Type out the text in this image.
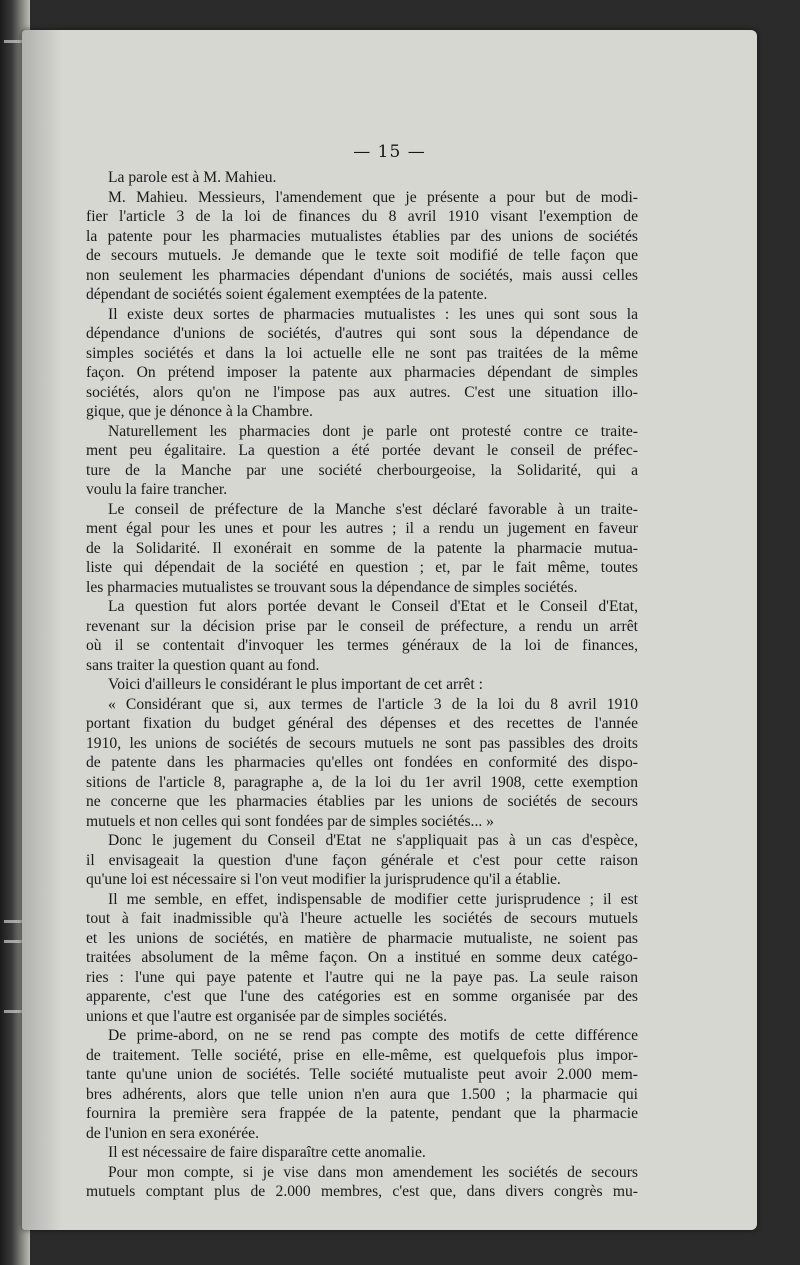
— 15 —
La parole est à M. Mahieu.
M. Mahieu. Messieurs, l'amendement que je présente a pour but de modi-
fier l'article 3 de la loi de finances du 8 avril 1910 visant l'exemption de
la patente pour les pharmacies mutualistes établies par des unions de sociétés
de secours mutuels. Je demande que le texte soit modifié de telle façon que
non seulement les pharmacies dépendant d'unions de sociétés, mais aussi celles
dépendant de sociétés soient également exemptées de la patente.
Il existe deux sortes de pharmacies mutualistes : les unes qui sont sous la
dépendance d'unions de sociétés, d'autres qui sont sous la dépendance de
simples sociétés et dans la loi actuelle elle ne sont pas traitées de la même
façon. On prétend imposer la patente aux pharmacies dépendant de simples
sociétés, alors qu'on ne l'impose pas aux autres. C'est une situation illo-
gique, que je dénonce à la Chambre.
Naturellement les pharmacies dont je parle ont protesté contre ce traite-
ment peu égalitaire. La question a été portée devant le conseil de préfec-
ture de la Manche par une société cherbourgeoise, la Solidarité, qui a
voulu la faire trancher.
Le conseil de préfecture de la Manche s'est déclaré favorable à un traite-
ment égal pour les unes et pour les autres ; il a rendu un jugement en faveur
de la Solidarité. Il exonérait en somme de la patente la pharmacie mutua-
liste qui dépendait de la société en question ; et, par le fait même, toutes
les pharmacies mutualistes se trouvant sous la dépendance de simples sociétés.
La question fut alors portée devant le Conseil d'Etat et le Conseil d'Etat,
revenant sur la décision prise par le conseil de préfecture, a rendu un arrêt
où il se contentait d'invoquer les termes généraux de la loi de finances,
sans traiter la question quant au fond.
Voici d'ailleurs le considérant le plus important de cet arrêt :
« Considérant que si, aux termes de l'article 3 de la loi du 8 avril 1910
portant fixation du budget général des dépenses et des recettes de l'année
1910, les unions de sociétés de secours mutuels ne sont pas passibles des droits
de patente dans les pharmacies qu'elles ont fondées en conformité des dispo-
sitions de l'article 8, paragraphe a, de la loi du 1er avril 1908, cette exemption
ne concerne que les pharmacies établies par les unions de sociétés de secours
mutuels et non celles qui sont fondées par de simples sociétés... »
Donc le jugement du Conseil d'Etat ne s'appliquait pas à un cas d'espèce,
il envisageait la question d'une façon générale et c'est pour cette raison
qu'une loi est nécessaire si l'on veut modifier la jurisprudence qu'il a établie.
Il me semble, en effet, indispensable de modifier cette jurisprudence ; il est
tout à fait inadmissible qu'à l'heure actuelle les sociétés de secours mutuels
et les unions de sociétés, en matière de pharmacie mutualiste, ne soient pas
traitées absolument de la même façon. On a institué en somme deux catégo-
ries : l'une qui paye patente et l'autre qui ne la paye pas. La seule raison
apparente, c'est que l'une des catégories est en somme organisée par des
unions et que l'autre est organisée par de simples sociétés.
De prime-abord, on ne se rend pas compte des motifs de cette différence
de traitement. Telle société, prise en elle-même, est quelquefois plus impor-
tante qu'une union de sociétés. Telle société mutualiste peut avoir 2.000 mem-
bres adhérents, alors que telle union n'en aura que 1.500 ; la pharmacie qui
fournira la première sera frappée de la patente, pendant que la pharmacie
de l'union en sera exonérée.
Il est nécessaire de faire disparaître cette anomalie.
Pour mon compte, si je vise dans mon amendement les sociétés de secours
mutuels comptant plus de 2.000 membres, c'est que, dans divers congrès mu-
